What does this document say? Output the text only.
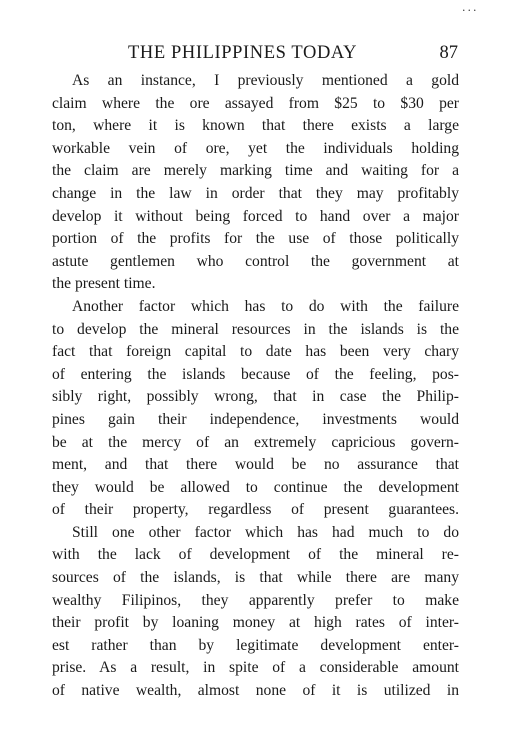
...
THE PHILIPPINES TODAY	87

As an instance, I previously mentioned a gold
claim where the ore assayed from $25 to $30 per
ton, where it is known that there exists a large
workable vein of ore, yet the individuals holding
the claim are merely marking time and waiting for a
change in the law in order that they may profitably
develop it without being forced to hand over a major
portion of the profits for the use of those politically
astute gentlemen who control the government at
the present time.

Another factor which has to do with the failure
to develop the mineral resources in the islands is the
fact that foreign capital to date has been very chary
of entering the islands because of the feeling, pos-
sibly right, possibly wrong, that in case the Philip-
pines gain their independence, investments would
be at the mercy of an extremely capricious govern-
ment, and that there would be no assurance that
they would be allowed to continue the development
of their property, regardless of present guarantees.

Still one other factor which has had much to do
with the lack of development of the mineral re-
sources of the islands, is that while there are many
wealthy Filipinos, they apparently prefer to make
their profit by loaning money at high rates of inter-
est rather than by legitimate development enter-
prise. As a result, in spite of a considerable amount
of native wealth, almost none of it is utilized in
